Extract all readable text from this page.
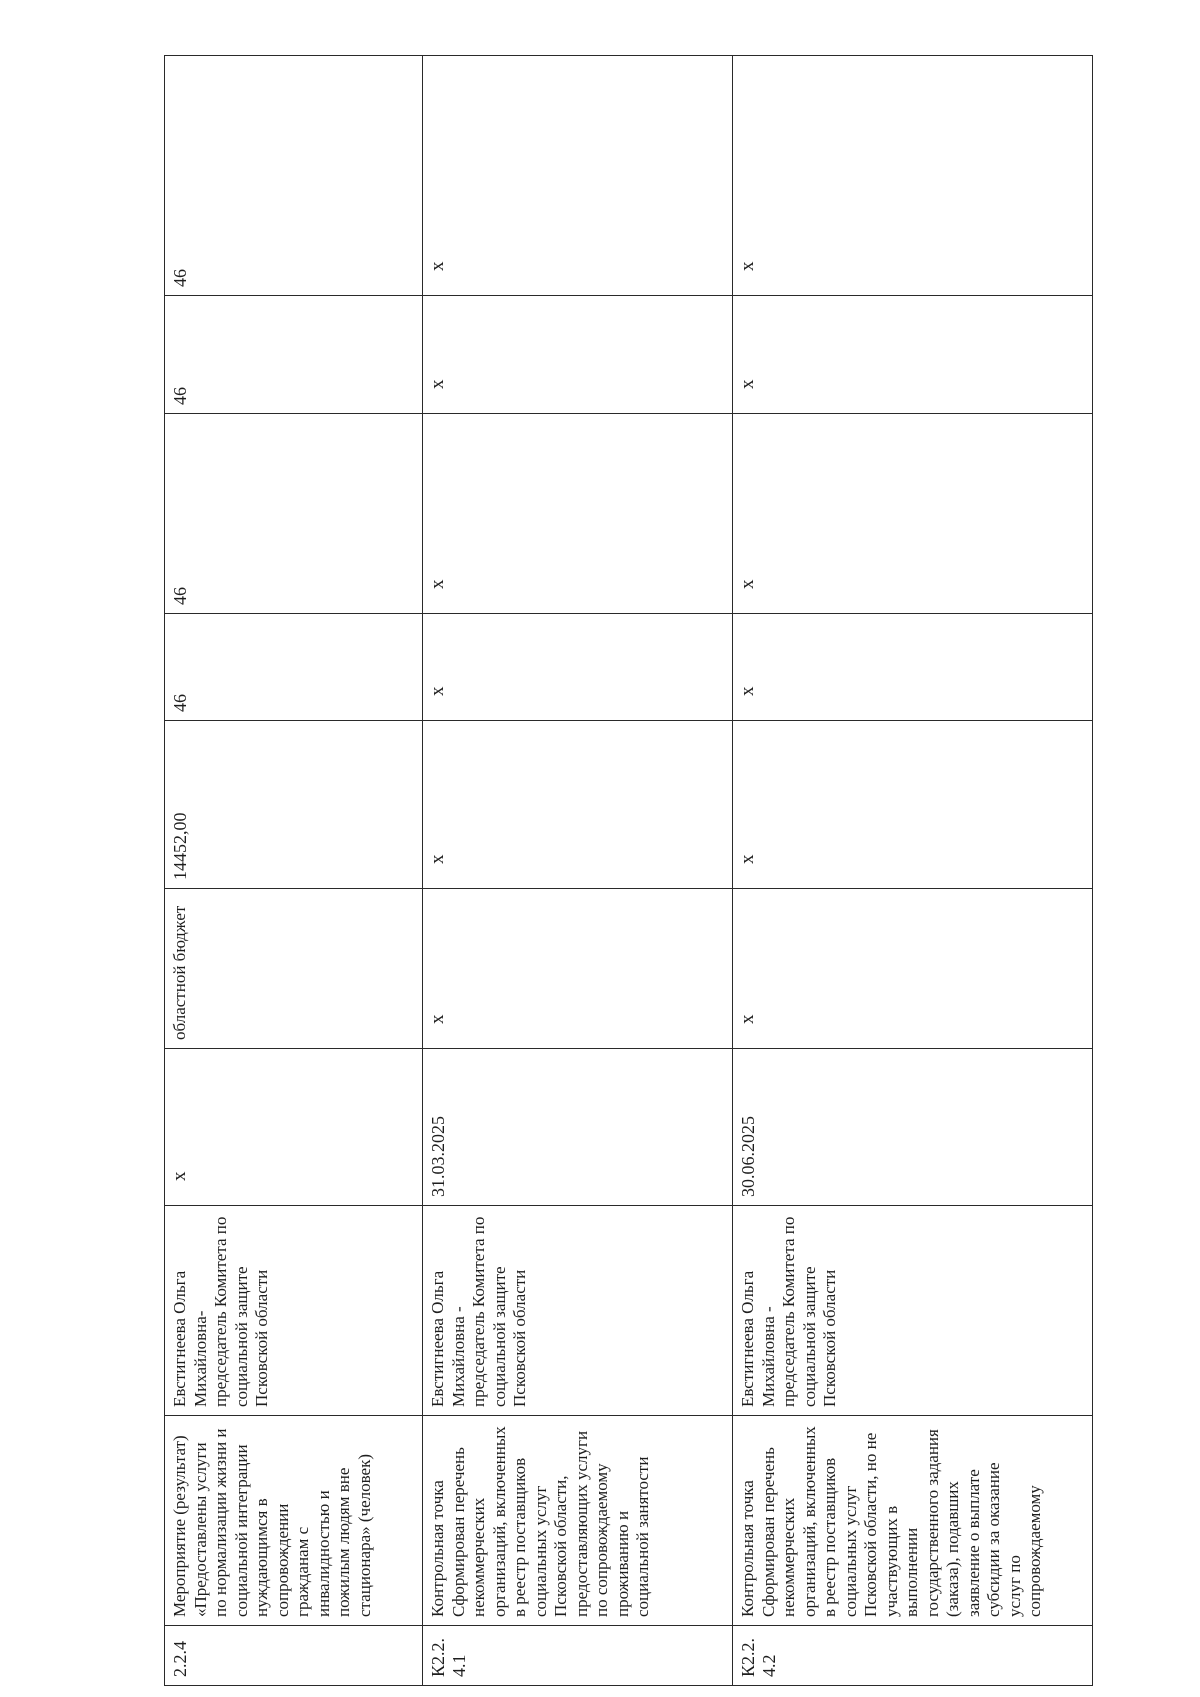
2.2.4	Мероприятие (результат) «Предоставлены услуги по нормализации жизни и социальной интеграции нуждающимся в сопровождении гражданам с инвалидностью и пожилым людям вне стационара» (человек)	Евстигнеева Ольга Михайловна- председатель Комитета по социальной защите Псковской области	x	областной бюджет	14452,00	46	46	46	46
К2.2.4.1	Контрольная точка Сформирован перечень некоммерческих организаций, включенных в реестр поставщиков социальных услуг Псковской области, предоставляющих услуги по сопровождаемому проживанию и социальной занятости	Евстигнеева Ольга Михайловна - председатель Комитета по социальной защите Псковской области	31.03.2025	x	x	x	x	x	x
К2.2.4.2	Контрольная точка Сформирован перечень некоммерческих организаций, включенных в реестр поставщиков социальных услуг Псковской области, но не участвующих в выполнении государственного задания (заказа), подавших заявление о выплате субсидии за оказание услуг по сопровождаемому	Евстигнеева Ольга Михайловна - председатель Комитета по социальной защите Псковской области	30.06.2025	x	x	x	x	x	x
